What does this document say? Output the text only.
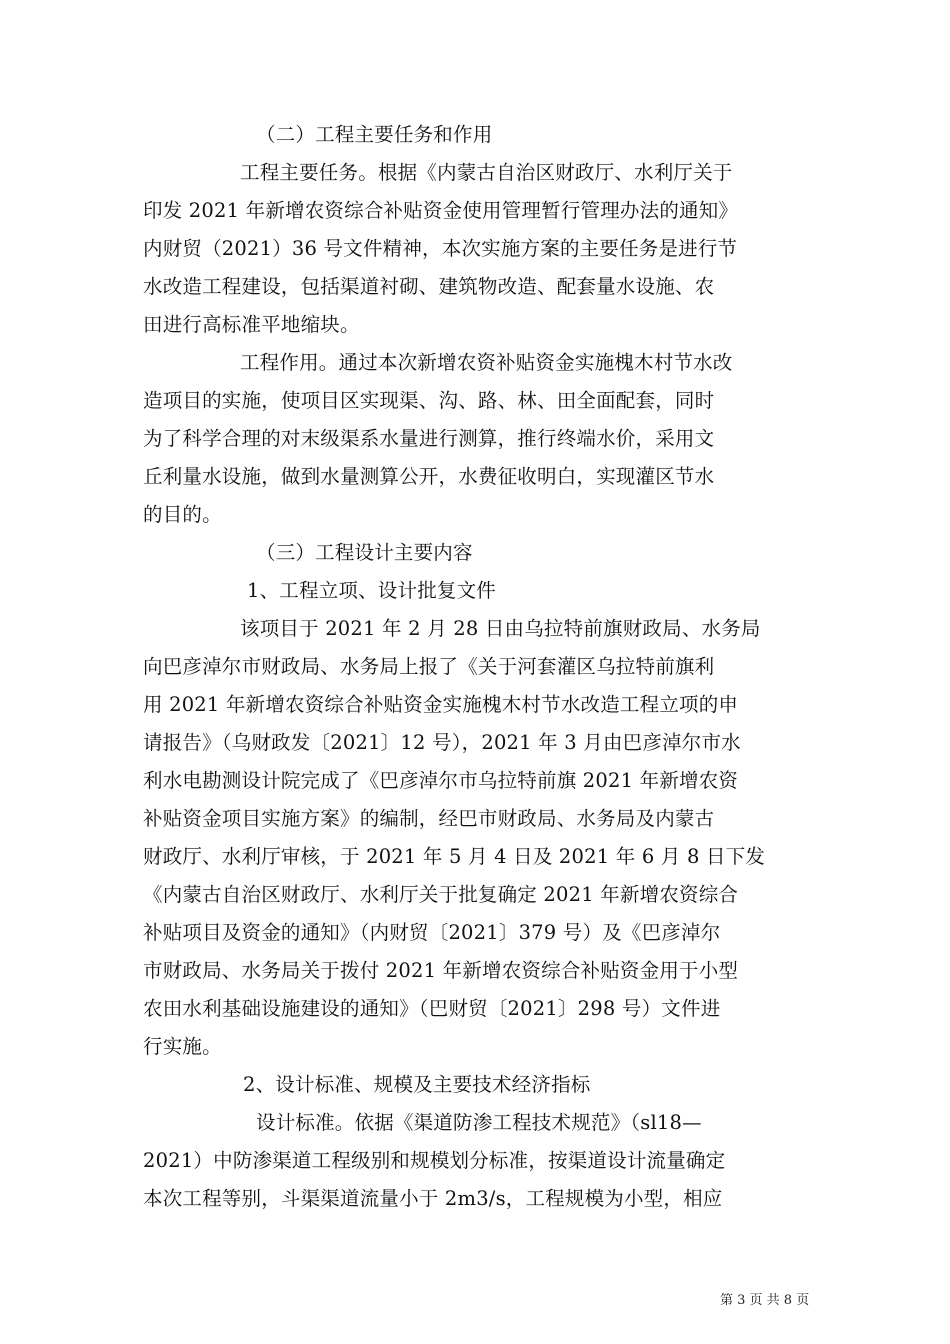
（二）工程主要任务和作用
工程主要任务。根据《内蒙古自治区财政厅、水利厅关于
印发 2021 年新增农资综合补贴资金使用管理暂行管理办法的通知》
内财贸（2021）36 号文件精神，本次实施方案的主要任务是进行节
水改造工程建设，包括渠道衬砌、建筑物改造、配套量水设施、农
田进行高标准平地缩块。
工程作用。通过本次新增农资补贴资金实施槐木村节水改
造项目的实施，使项目区实现渠、沟、路、林、田全面配套，同时
为了科学合理的对末级渠系水量进行测算，推行终端水价，采用文
丘利量水设施，做到水量测算公开，水费征收明白，实现灌区节水
的目的。
（三）工程设计主要内容
1、工程立项、设计批复文件
该项目于 2021 年 2 月 28 日由乌拉特前旗财政局、水务局
向巴彦淖尔市财政局、水务局上报了《关于河套灌区乌拉特前旗利
用 2021 年新增农资综合补贴资金实施槐木村节水改造工程立项的申
请报告》（乌财政发〔2021〕12 号），2021 年 3 月由巴彦淖尔市水
利水电勘测设计院完成了《巴彦淖尔市乌拉特前旗 2021 年新增农资
补贴资金项目实施方案》的编制，经巴市财政局、水务局及内蒙古
财政厅、水利厅审核，于 2021 年 5 月 4 日及 2021 年 6 月 8 日下发
《内蒙古自治区财政厅、水利厅关于批复确定 2021 年新增农资综合
补贴项目及资金的通知》（内财贸〔2021〕379 号）及《巴彦淖尔
市财政局、水务局关于拨付 2021 年新增农资综合补贴资金用于小型
农田水利基础设施建设的通知》（巴财贸〔2021〕298 号）文件进
行实施。
2、设计标准、规模及主要技术经济指标
设计标准。依据《渠道防渗工程技术规范》（sl18—
2021）中防渗渠道工程级别和规模划分标准，按渠道设计流量确定
本次工程等别，斗渠渠道流量小于 2m3/s，工程规模为小型，相应
第 3 页 共 8 页
